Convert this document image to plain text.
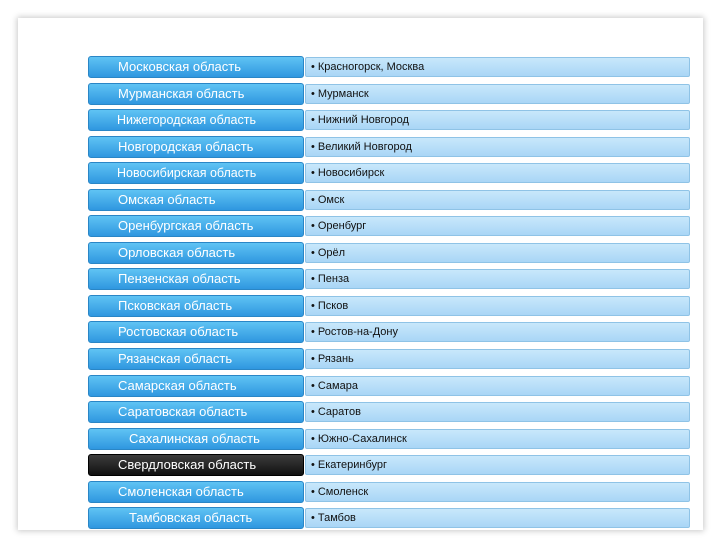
Московская область	• Красногорск, Москва
Мурманская область	• Мурманск
Нижегородская область	• Нижний Новгород
Новгородская область	• Великий Новгород
Новосибирская область	• Новосибирск
Омская область	• Омск
Оренбургская область	• Оренбург
Орловская область	• Орёл
Пензенская область	• Пенза
Псковская область	• Псков
Ростовская область	• Ростов-на-Дону
Рязанская область	• Рязань
Самарская область	• Самара
Саратовская область	• Саратов
Сахалинская область	• Южно-Сахалинск
Свердловская область	• Екатеринбург
Смоленская область	• Смоленск
Тамбовская область	• Тамбов
